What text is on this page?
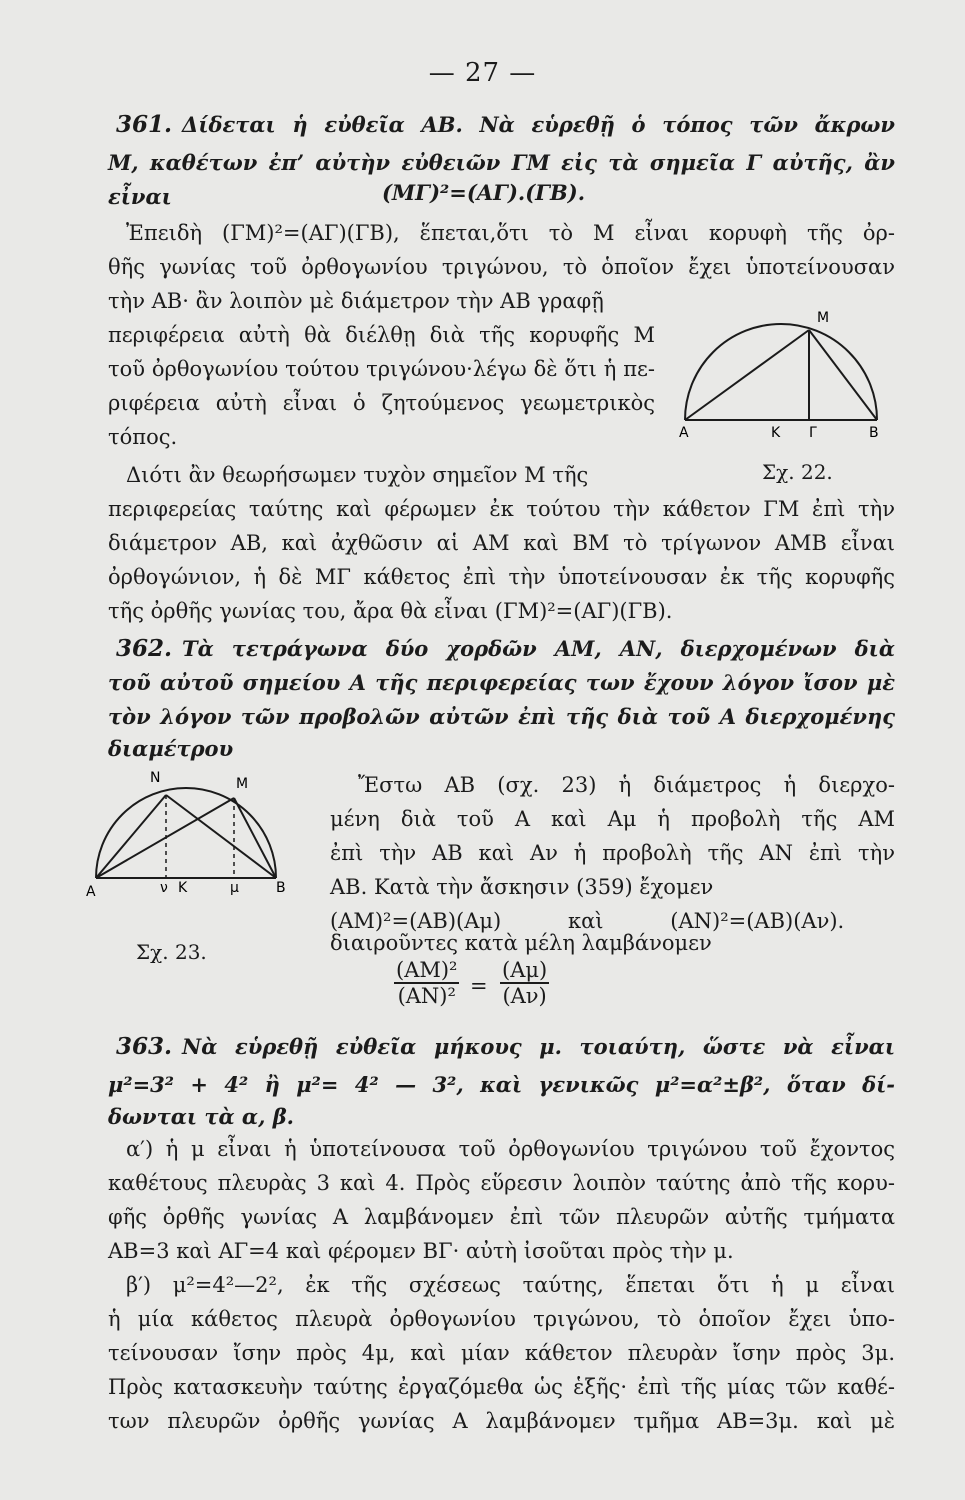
— 27 —
361. Δίδεται ἡ εὐθεῖα ΑΒ. Νὰ εὑρεθῇ ὁ τόπος τῶν ἄκρων
Μ, καθέτων ἐπ’ αὐτὴν εὐθειῶν ΓΜ εἰς τὰ σημεῖα Γ αὐτῆς, ἂν
εἶναι	(ΜΓ)²=(ΑΓ).(ΓΒ).
Ἐπειδὴ (ΓΜ)²=(ΑΓ)(ΓΒ), ἕπεται,ὅτι τὸ Μ εἶναι κορυφὴ τῆς ὀρ-
θῆς γωνίας τοῦ ὀρθογωνίου τριγώνου, τὸ ὁποῖον ἔχει ὑποτείνουσαν
τὴν ΑΒ· ἂν λοιπὸν μὲ διάμετρον τὴν ΑΒ γραφῇ
περιφέρεια αὐτὴ θὰ διέλθῃ διὰ τῆς κορυφῆς Μ
τοῦ ὀρθογωνίου τούτου τριγώνου·λέγω δὲ ὅτι ἡ πε-
ριφέρεια αὐτὴ εἶναι ὁ ζητούμενος γεωμετρικὸς
τόπος.
Μ
Α	Κ Γ	Β
Διότι ἂν θεωρήσωμεν τυχὸν σημεῖον Μ τῆς	Σχ. 22.
περιφερείας ταύτης καὶ φέρωμεν ἐκ τούτου τὴν κάθετον ΓΜ ἐπὶ τὴν
διάμετρον ΑΒ, καὶ ἀχθῶσιν αἱ ΑΜ καὶ ΒΜ τὸ τρίγωνον ΑΜΒ εἶναι
ὀρθογώνιον, ἡ δὲ ΜΓ κάθετος ἐπὶ τὴν ὑποτείνουσαν ἐκ τῆς κορυφῆς
τῆς ὀρθῆς γωνίας του, ἄρα θὰ εἶναι (ΓΜ)²=(ΑΓ)(ΓΒ).
362. Τὰ τετράγωνα δύο χορδῶν ΑΜ, ΑΝ, διερχομένων διὰ
τοῦ αὐτοῦ σημείου Α τῆς περιφερείας των ἔχουν λόγον ἴσον μὲ
τὸν λόγον τῶν προβολῶν αὐτῶν ἐπὶ τῆς διὰ τοῦ Α διερχομένης
διαμέτρου
Ν	Μ
Α	ν Κ	μ	Β
Ἔστω ΑΒ (σχ. 23) ἡ διάμετρος ἡ διερχο-
μένη διὰ τοῦ Α καὶ Αμ ἡ προβολὴ τῆς ΑΜ
ἐπὶ τὴν ΑΒ καὶ Αν ἡ προβολὴ τῆς ΑΝ ἐπὶ τὴν
ΑΒ. Κατὰ τὴν ἄσκησιν (359) ἔχομεν
(ΑΜ)²=(ΑΒ)(Αμ)          καὶ          (ΑΝ)²=(ΑΒ)(Αν).
Σχ. 23.	διαιροῦντες κατὰ μέλη λαμβάνομεν
$\frac{\text{(ΑΜ)²}}{\text{(ΑΝ)²}} = \frac{(A\mu)}{(A\nu)}$
363. Νὰ εὑρεθῇ εὐθεῖα μήκους μ. τοιαύτη, ὥστε νὰ εἶναι
μ²=3² + 4² ἢ μ²= 4² — 3², καὶ γενικῶς μ²=α²±β², ὅταν δί-
δωνται τὰ α, β.
α′) ἡ μ εἶναι ἡ ὑποτείνουσα τοῦ ὀρθογωνίου τριγώνου τοῦ ἔχοντος
καθέτους πλευρὰς 3 καὶ 4. Πρὸς εὕρεσιν λοιπὸν ταύτης ἀπὸ τῆς κορυ-
φῆς ὀρθῆς γωνίας Α λαμβάνομεν ἐπὶ τῶν πλευρῶν αὐτῆς τμήματα
ΑΒ=3 καὶ ΑΓ=4 καὶ φέρομεν ΒΓ· αὐτὴ ἰσοῦται πρὸς τὴν μ.
β′) μ²=4²—2², ἐκ τῆς σχέσεως ταύτης, ἕπεται ὅτι ἡ μ εἶναι
ἡ μία κάθετος πλευρὰ ὀρθογωνίου τριγώνου, τὸ ὁποῖον ἔχει ὑπο-
τείνουσαν ἴσην πρὸς 4μ, καὶ μίαν κάθετον πλευρὰν ἴσην πρὸς 3μ.
Πρὸς κατασκευὴν ταύτης ἐργαζόμεθα ὡς ἑξῆς· ἐπὶ τῆς μίας τῶν καθέ-
των πλευρῶν ὀρθῆς γωνίας Α λαμβάνομεν τμῆμα ΑΒ=3μ. καὶ μὲ
